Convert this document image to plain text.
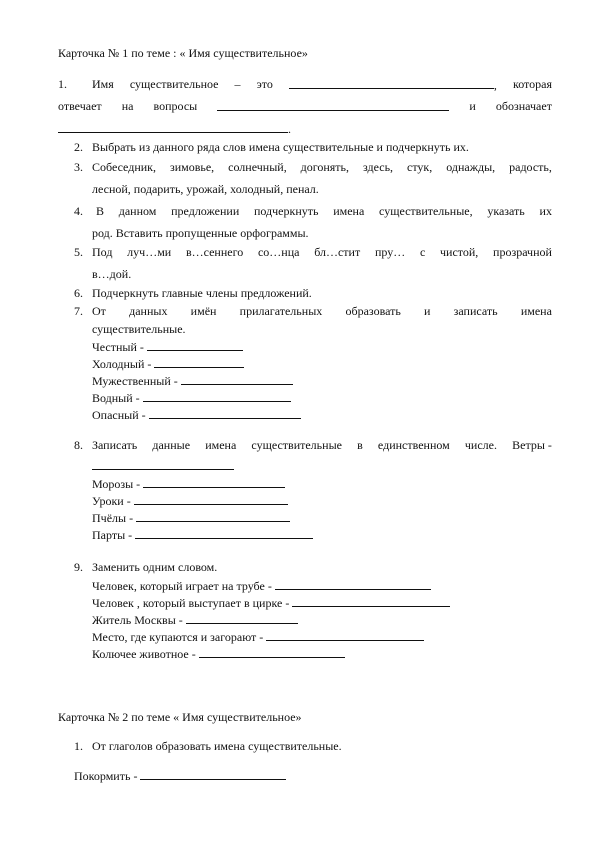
Карточка № 1 по теме : « Имя существительное»
1. Имя существительное – это	, которая
отвечает на вопросы	и обозначает
.
2. Выбрать из данного ряда слов имена существительные и подчеркнуть их.
3. Собеседник, зимовье, солнечный, догонять, здесь, стук, однажды, радость,
лесной, подарить, урожай, холодный, пенал.
4. В данном предложении подчеркнуть имена существительные, указать их
род. Вставить пропущенные орфограммы.
5. Под луч…ми в…сеннего со…нца бл…стит пру… с чистой, прозрачной
в…дой.
6. Подчеркнуть главные члены предложений.
7. От данных имён прилагательных образовать и записать имена
существительные.
Честный -
Холодный -
Мужественный -
Водный -
Опасный -
8. Записать данные имена существительные в единственном числе. Ветры -
Морозы -
Уроки -
Пчёлы -
Парты -
9. Заменить одним словом.
Человек, который играет на трубе -
Человек , который выступает в цирке -
Житель Москвы -
Место, где купаются и загорают -
Колючее животное -
Карточка № 2 по теме « Имя существительное»
1. От глаголов образовать имена существительные.
Покормить -
